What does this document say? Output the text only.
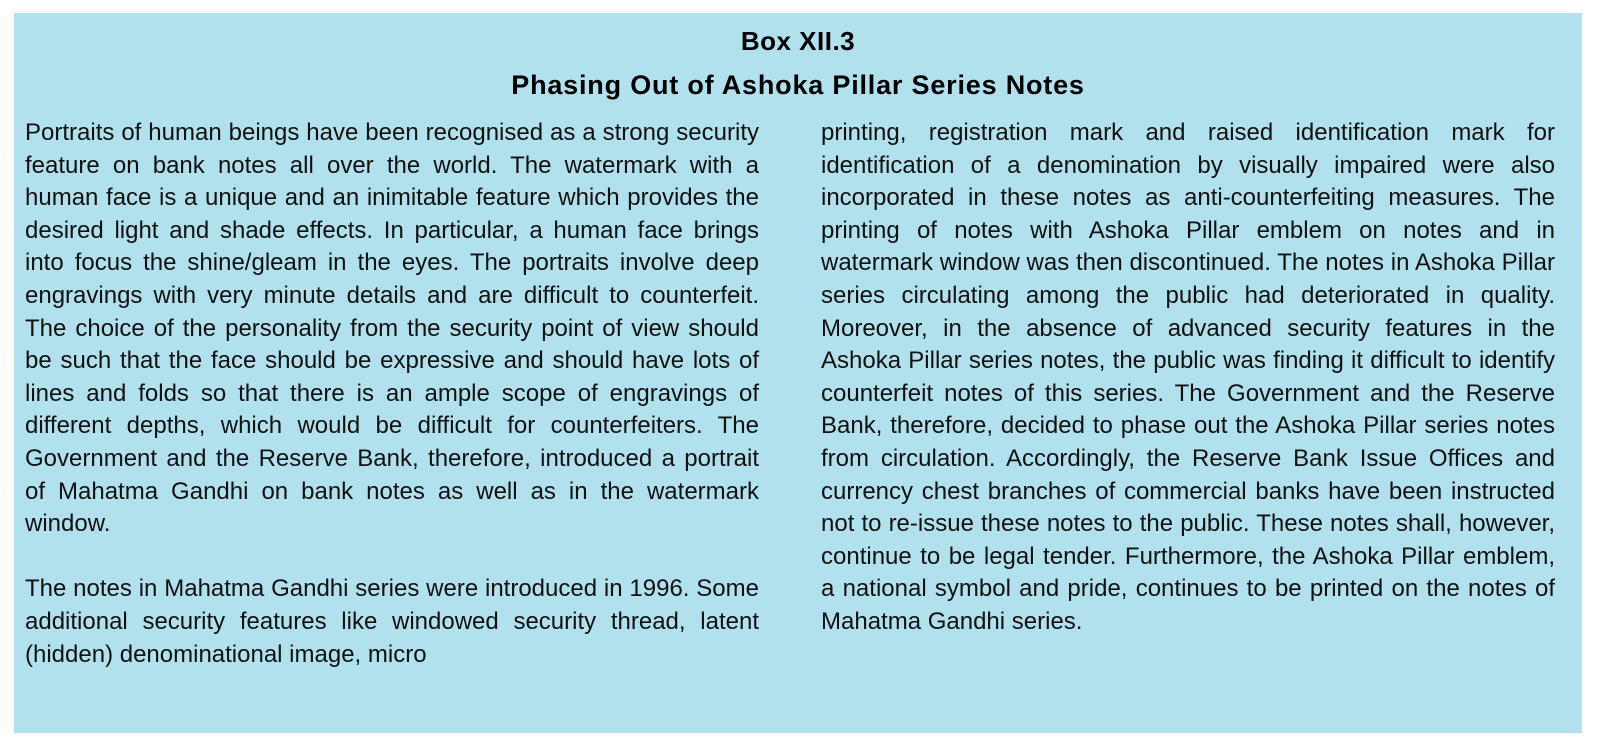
Box XII.3
Phasing Out of Ashoka Pillar Series Notes

Portraits of human beings have been recognised as a strong security feature on bank notes all over the world. The watermark with a human face is a unique and an inimitable feature which provides the desired light and shade effects. In particular, a human face brings into focus the shine/gleam in the eyes. The portraits involve deep engravings with very minute details and are difficult to counterfeit. The choice of the personality from the security point of view should be such that the face should be expressive and should have lots of lines and folds so that there is an ample scope of engravings of different depths, which would be difficult for counterfeiters. The Government and the Reserve Bank, therefore, introduced a portrait of Mahatma Gandhi on bank notes as well as in the watermark window.

The notes in Mahatma Gandhi series were introduced in 1996. Some additional security features like windowed security thread, latent (hidden) denominational image, micro

printing, registration mark and raised identification mark for identification of a denomination by visually impaired were also incorporated in these notes as anti-counterfeiting measures. The printing of notes with Ashoka Pillar emblem on notes and in watermark window was then discontinued. The notes in Ashoka Pillar series circulating among the public had deteriorated in quality. Moreover, in the absence of advanced security features in the Ashoka Pillar series notes, the public was finding it difficult to identify counterfeit notes of this series. The Government and the Reserve Bank, therefore, decided to phase out the Ashoka Pillar series notes from circulation. Accordingly, the Reserve Bank Issue Offices and currency chest branches of commercial banks have been instructed not to re-issue these notes to the public. These notes shall, however, continue to be legal tender. Furthermore, the Ashoka Pillar emblem, a national symbol and pride, continues to be printed on the notes of Mahatma Gandhi series.
